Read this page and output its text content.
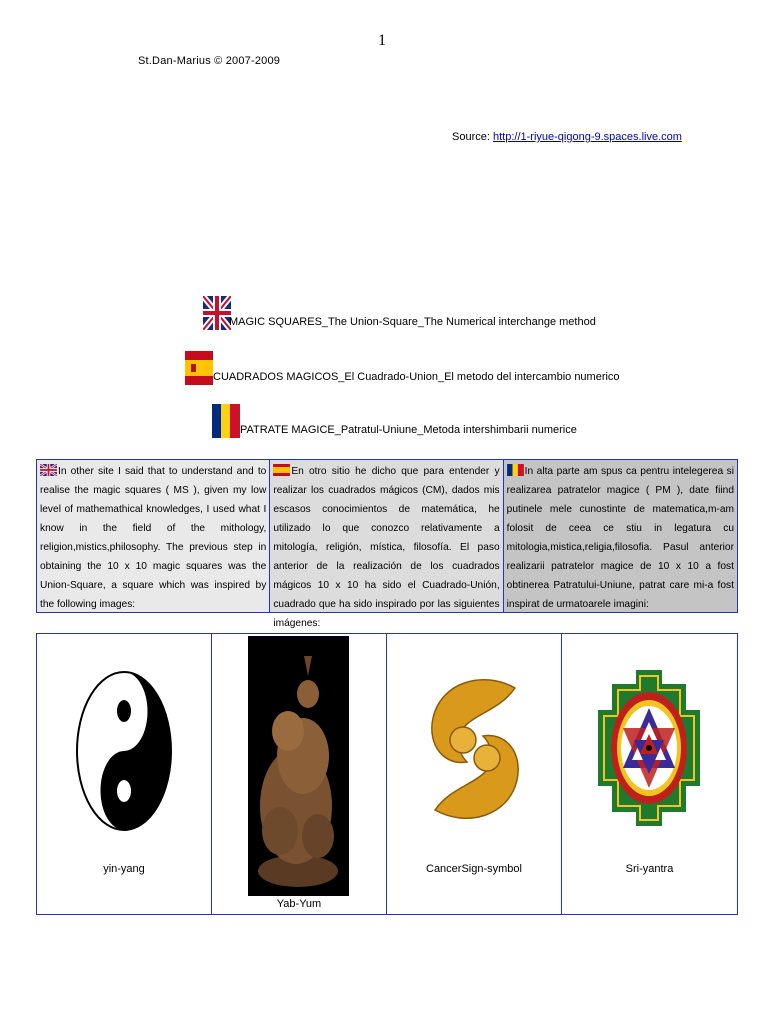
1
St.Dan-Marius © 2007-2009
Source: http://1-riyue-qigong-9.spaces.live.com
MAGIC SQUARES_The Union-Square_The Numerical interchange method
CUADRADOS MAGICOS_El Cuadrado-Union_El metodo del intercambio numerico
PATRATE MAGICE_Patratul-Uniune_Metoda intershimbarii numerice
In other site I said that to understand and to realise the magic squares ( MS ), given my low level of mathemathical knowledges, I used what I know in the field of the mithology, religion,mistics,philosophy. The previous step in obtaining the 10 x 10 magic squares was the Union-Square, a square which was inspired by the following images:
En otro sitio he dicho que para entender y realizar los cuadrados mágicos (CM), dados mis escasos conocimientos de matemática, he utilizado lo que conozco relativamente a mitología, religión, mística, filosofía. El paso anterior de la realización de los cuadrados mágicos 10 x 10 ha sido el Cuadrado-Unión, cuadrado que ha sido inspirado por las siguientes imágenes:
In alta parte am spus ca pentru intelegerea si realizarea patratelor magice ( PM ), date fiind putinele mele cunostinte de matematica,m-am folosit de ceea ce stiu in legatura cu mitologia,mistica,religia,filosofia. Pasul anterior realizarii patratelor magice de 10 x 10 a fost obtinerea Patratului-Uniune, patrat care mi-a fost inspirat de urmatoarele imagini:
yin-yang
Yab-Yum
CancerSign-symbol	Sri-yantra
